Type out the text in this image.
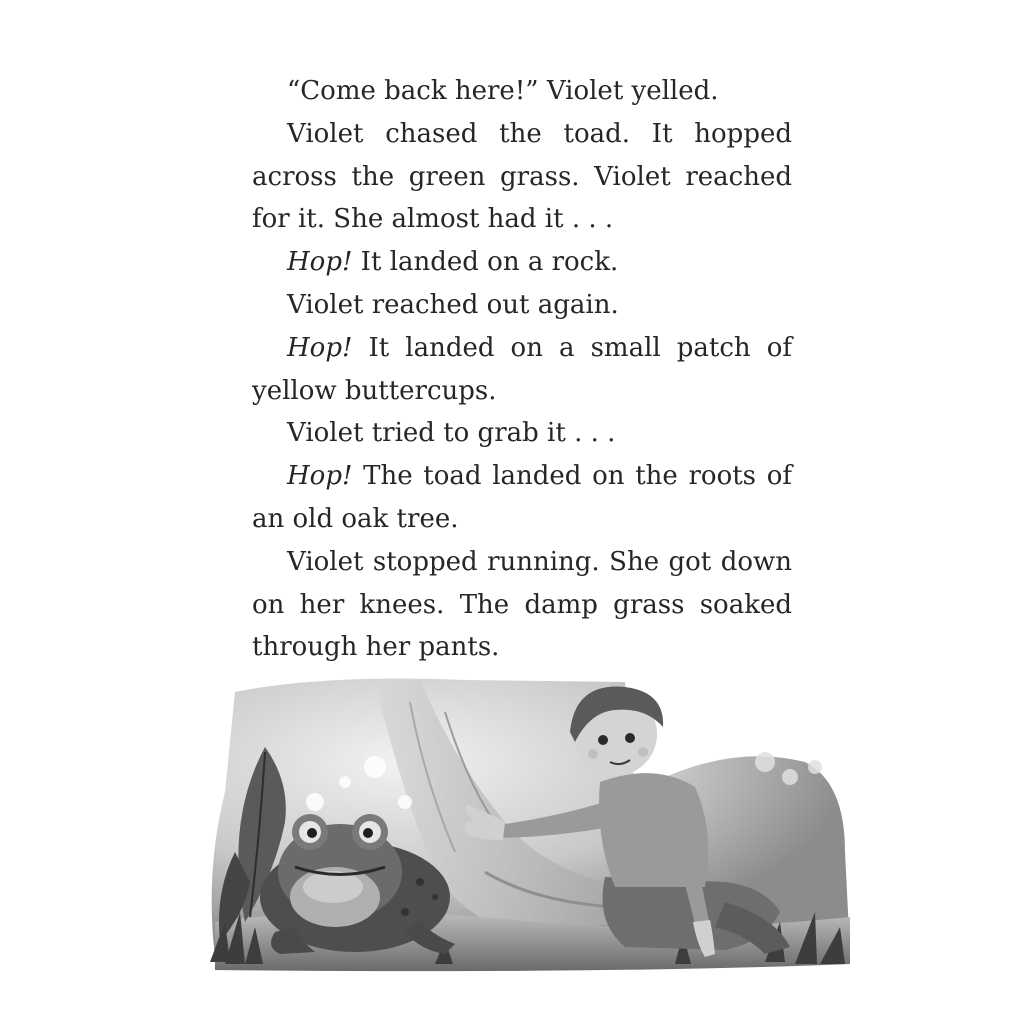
“Come back here!” Violet yelled.

Violet chased the toad. It hopped across the green grass. Violet reached for it. She almost had it . . .

Hop! It landed on a rock.

Violet reached out again.

Hop! It landed on a small patch of yellow buttercups.

Violet tried to grab it . . .

Hop! The toad landed on the roots of an old oak tree.

Violet stopped running. She got down on her knees. The damp grass soaked through her pants.
